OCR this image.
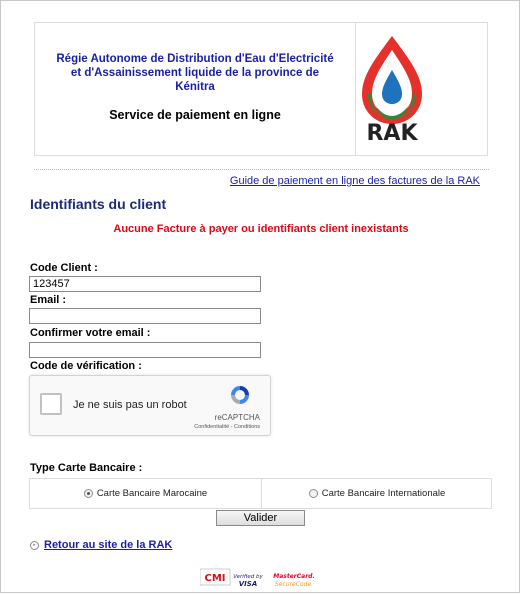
Régie Autonome de Distribution d'Eau d'Electricité
et d'Assainissement liquide de la province de
Kénitra
Service de paiement en ligne
RAK
Guide de paiement en ligne des factures de la RAK
Identifiants du client
Aucune Facture à payer ou identifiants client inexistants
Code Client :
123457
Email :
Confirmer votre email :
Code de vérification :
Je ne suis pas un robot
reCAPTCHA
Confidentialité - Conditions
Type Carte Bancaire :
Carte Bancaire Marocaine	Carte Bancaire Internationale
Valider
▸ Retour au site de la RAK
CMI Verified by
VISA
MasterCard.
SecureCode.
